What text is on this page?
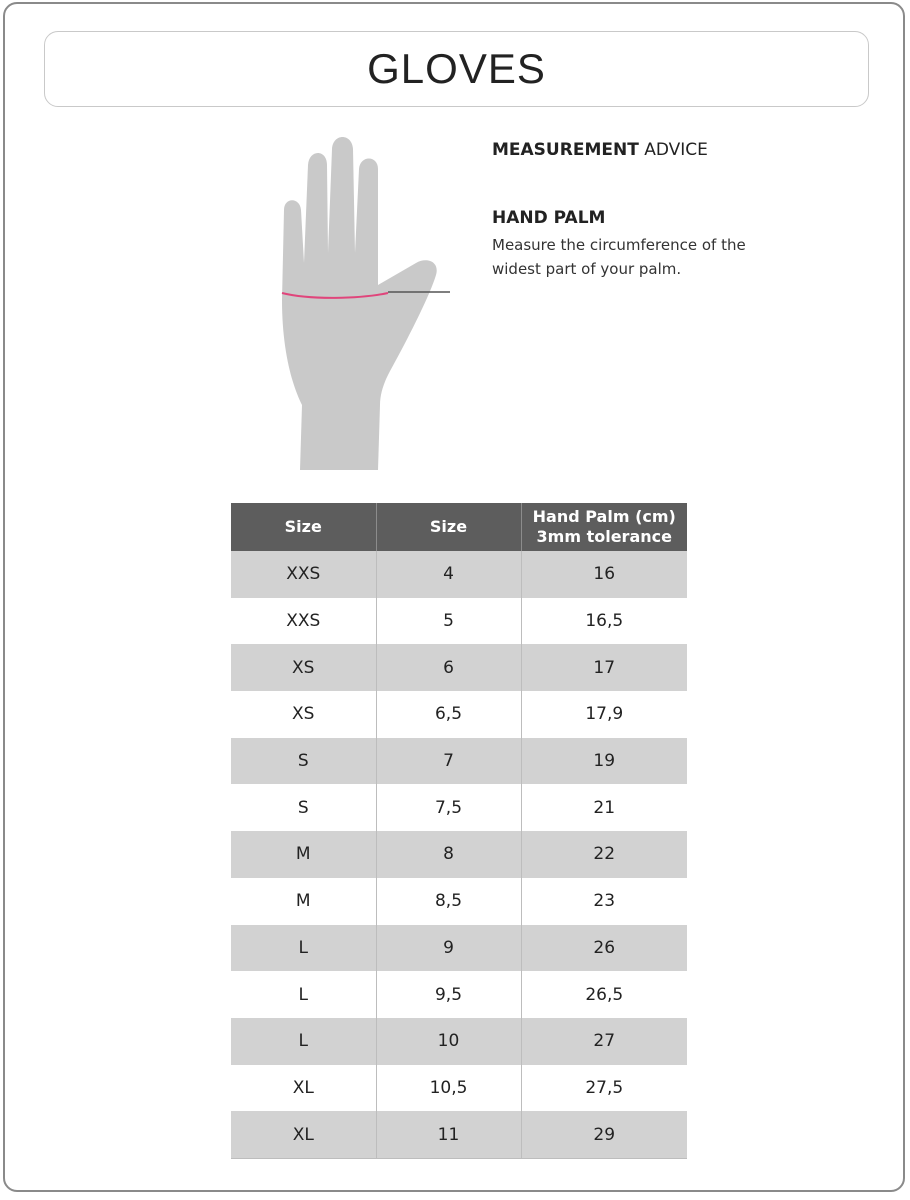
GLOVES
MEASUREMENT ADVICE
HAND PALM
Measure the circumference of the widest part of your palm.
Size	Size	Hand Palm (cm)
3mm tolerance
XXS	4	16
XXS	5	16,5
XS	6	17
XS	6,5	17,9
S	7	19
S	7,5	21
M	8	22
M	8,5	23
L	9	26
L	9,5	26,5
L	10	27
XL	10,5	27,5
XL	11	29
